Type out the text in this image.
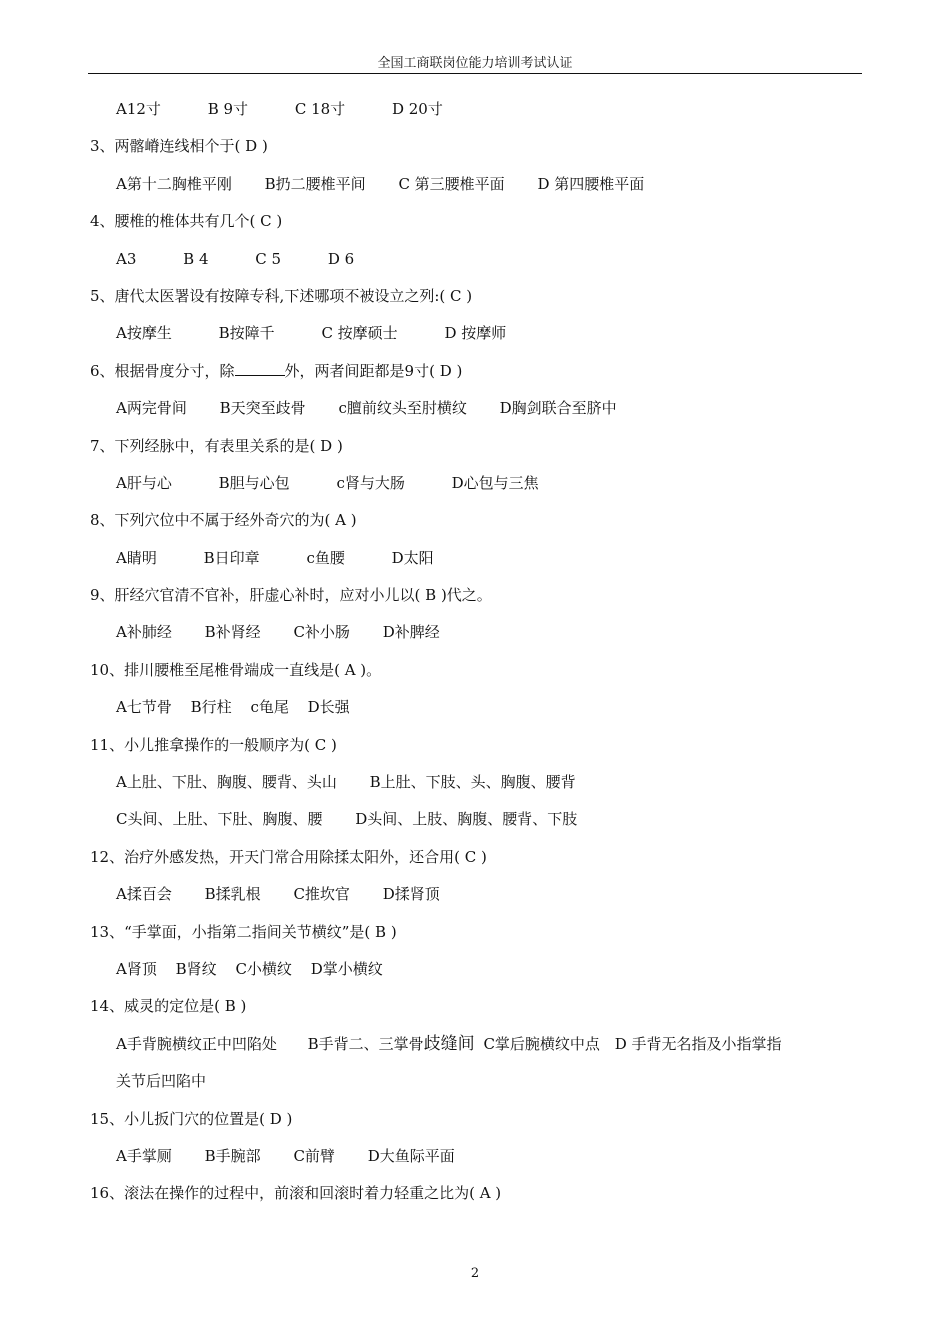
全国工商联岗位能力培训考试认证
A12寸	B 9寸	C 18寸	D 20寸
3、两髂嵴连线相个于( D )
A第十二胸椎平刚 B扔二腰椎平间 C 第三腰椎平面 D 第四腰椎平面
4、腰椎的椎体共有几个( C )
A3	B 4	C 5	D 6
5、唐代太医署设有按障专科,下述哪项不被设立之列:( C )
A按摩生	B按障千	C 按摩硕士	D 按摩师
6、根据骨度分寸，除	外，两者间距都是9寸( D )
A两完骨间 B天突至歧骨 c膻前纹头至肘横纹 D胸剑联合至脐中
7、下列经脉中，有表里关系的是( D )
A肝与心	B胆与心包	c肾与大肠	D心包与三焦
8、下列穴位中不属于经外奇穴的为( A )
A睛明	B日印章	c鱼腰	D太阳
9、肝经穴官清不官补，肝虚心补时，应对小儿以( B )代之。
A补肺经 B补肾经 C补小肠 D补脾经
10、排川腰椎至尾椎骨端成一直线是( A )。
A七节骨 B行柱 c龟尾 D长强
11、小儿推拿操作的一般顺序为( C )
A上肚、下肚、胸腹、腰背、头山 B上肚、下肢、头、胸腹、腰背
C头间、上肚、下肚、胸腹、腰 D头间、上肢、胸腹、腰背、下肢
12、治疗外感发热，开天门常合用除揉太阳外，还合用( C )
A揉百会 B揉乳根 C推坎官 D揉肾顶
13、“手掌面，小指第二指间关节横纹”是( B )
A肾顶 B肾纹 C小横纹 D掌小横纹
14、威灵的定位是( B )
A手背腕横纹正中凹陷处 B手背二、三掌骨歧缝间 C掌后腕横纹中点 D 手背无名指及小指掌指
关节后凹陷中
15、小儿扳门穴的位置是( D )
A手掌厕 B手腕部 C前臂 D大鱼际平面
16、滚法在操作的过程中，前滚和回滚时着力轻重之比为( A )
2
